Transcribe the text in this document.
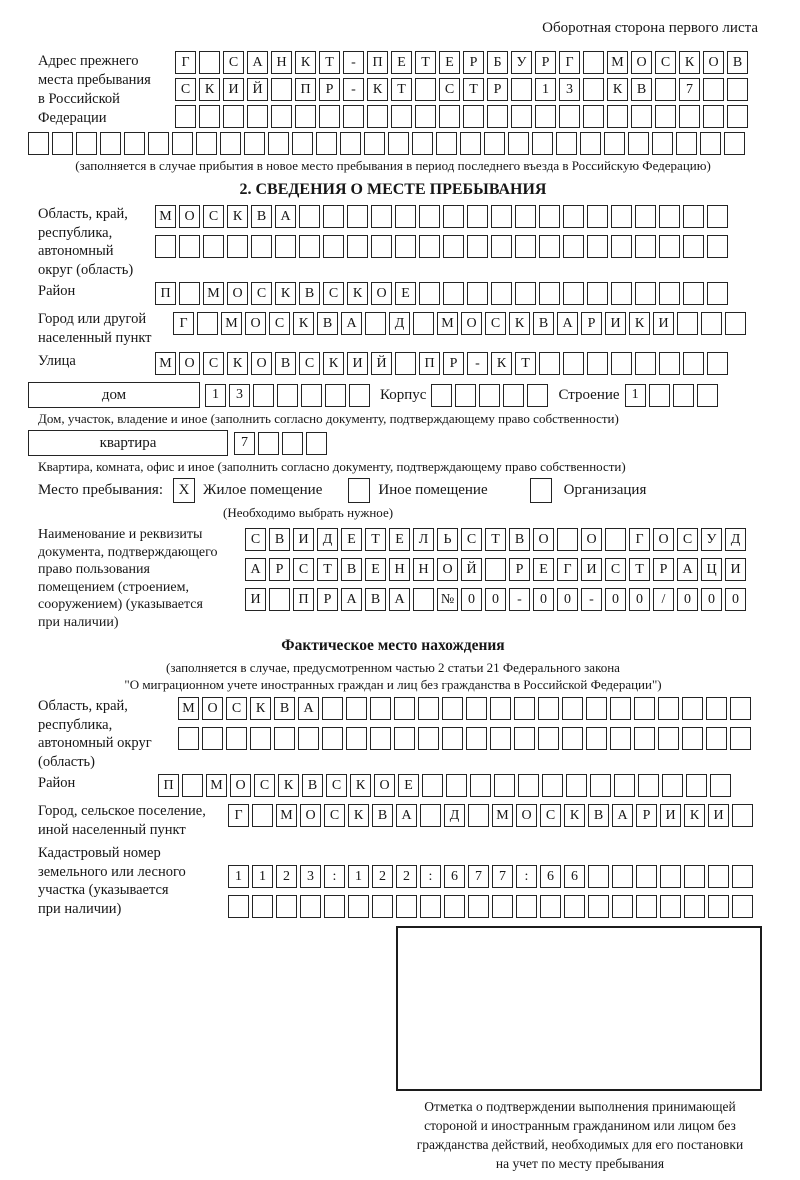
Оборотная сторона первого листа
Адрес прежнего
места пребывания
в Российской
Федерации
Г	С	А Н	К	Т	-	П	Е	Т	Е	Р	Б	У	Р	Г	М О	С	К	О	В
С	К	И Й	П	Р	-	К	Т	С	Т	Р	1	3	К	В	7
(заполняется в случае прибытия в новое место пребывания в период последнего въезда в Российскую Федерацию)
2. СВЕДЕНИЯ О МЕСТЕ ПРЕБЫВАНИЯ
Область, край,
республика,
автономный
округ (область)
М О	С	К	В	А
Район	П	М О	С	К	В	С	К	О	Е
Город или другой
населенный пункт
Г	М О	С	К	В	А	Д	М О	С	К	В	А	Р	И	К	И
Улица	М О	С	К	О	В	С	К	И Й	П	Р	-	К	Т
дом	1	3	Корпус	Строение 1
Дом, участок, владение и иное (заполнить согласно документу, подтверждающему право собственности)
квартира	7
Квартира, комната, офис и иное (заполнить согласно документу, подтверждающему право собственности)
Место пребывания:	X Жилое помещение	Иное помещение	Организация
(Необходимо выбрать нужное)
Наименование и реквизиты
документа, подтверждающего
право пользования
помещением (строением,
сооружением) (указывается
при наличии)
С	В	И	Д	Е	Т	Е	Л	Ь	С	Т	В	О	О	Г	О	С	У	Д
А	Р	С	Т	В	Е	Н Н О Й	Р	Е	Г	И	С	Т	Р	А Ц И
И	П	Р	А	В	А	№ 0	0	-	0	0	-	0	0	/	0	0	0
Фактическое место нахождения
(заполняется в случае, предусмотренном частью 2 статьи 21 Федерального закона
"О миграционном учете иностранных граждан и лиц без гражданства в Российской Федерации")
Область, край,
республика,
автономный округ
(область)
М О	С	К	В	А
Район	П	М О	С	К	В	С	К	О	Е
Город, сельское поселение,
иной населенный пункт
Г	М О	С	К	В	А	Д	М О	С	К	В	А	Р	И	К	И
Кадастровый номер
земельного или лесного
участка (указывается
при наличии)
1	1	2	3	:	1	2	2	:	6	7	7	:	6	6
Отметка о подтверждении выполнения принимающей
стороной и иностранным гражданином или лицом без
гражданства действий, необходимых для его постановки
на учет по месту пребывания
